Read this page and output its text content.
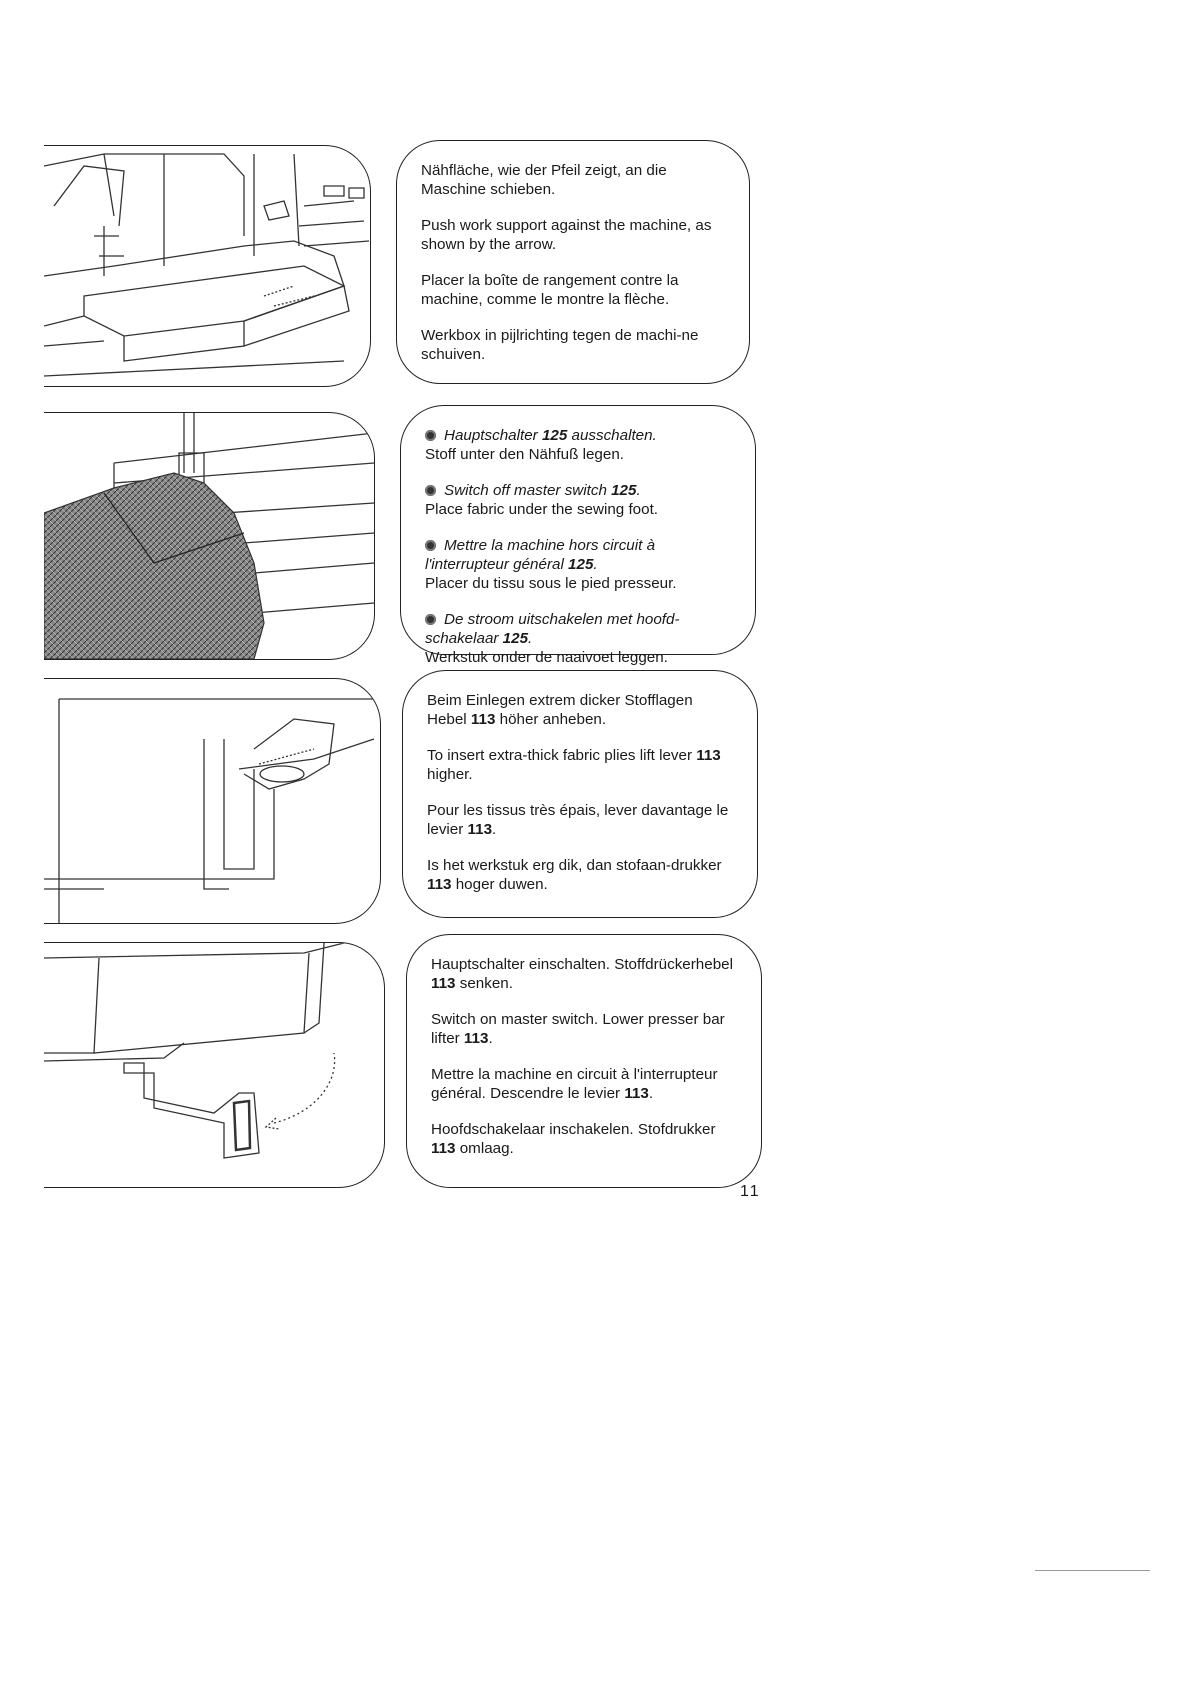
Nähfläche, wie der Pfeil zeigt, an die Maschine schieben.

Push work support against the machine, as shown by the arrow.

Placer la boîte de rangement contre la machine, comme le montre la flèche.

Werkbox in pijlrichting tegen de machi-ne schuiven.

Hauptschalter 125 ausschalten.
Stoff unter den Nähfuß legen.

Switch off master switch 125.
Place fabric under the sewing foot.

Mettre la machine hors circuit à l'interrupteur général 125.
Placer du tissu sous le pied presseur.

De stroom uitschakelen met hoofd-schakelaar 125.
Werkstuk onder de naaivoet leggen.

Beim Einlegen extrem dicker Stofflagen Hebel 113 höher anheben.

To insert extra-thick fabric plies lift lever 113 higher.

Pour les tissus très épais, lever davantage le levier 113.

Is het werkstuk erg dik, dan stofaan-drukker 113 hoger duwen.

Hauptschalter einschalten. Stoffdrückerhebel 113 senken.

Switch on master switch. Lower presser bar lifter 113.

Mettre la machine en circuit à l'interrupteur général. Descendre le levier 113.

Hoofdschakelaar inschakelen. Stofdrukker 113 omlaag.

11
